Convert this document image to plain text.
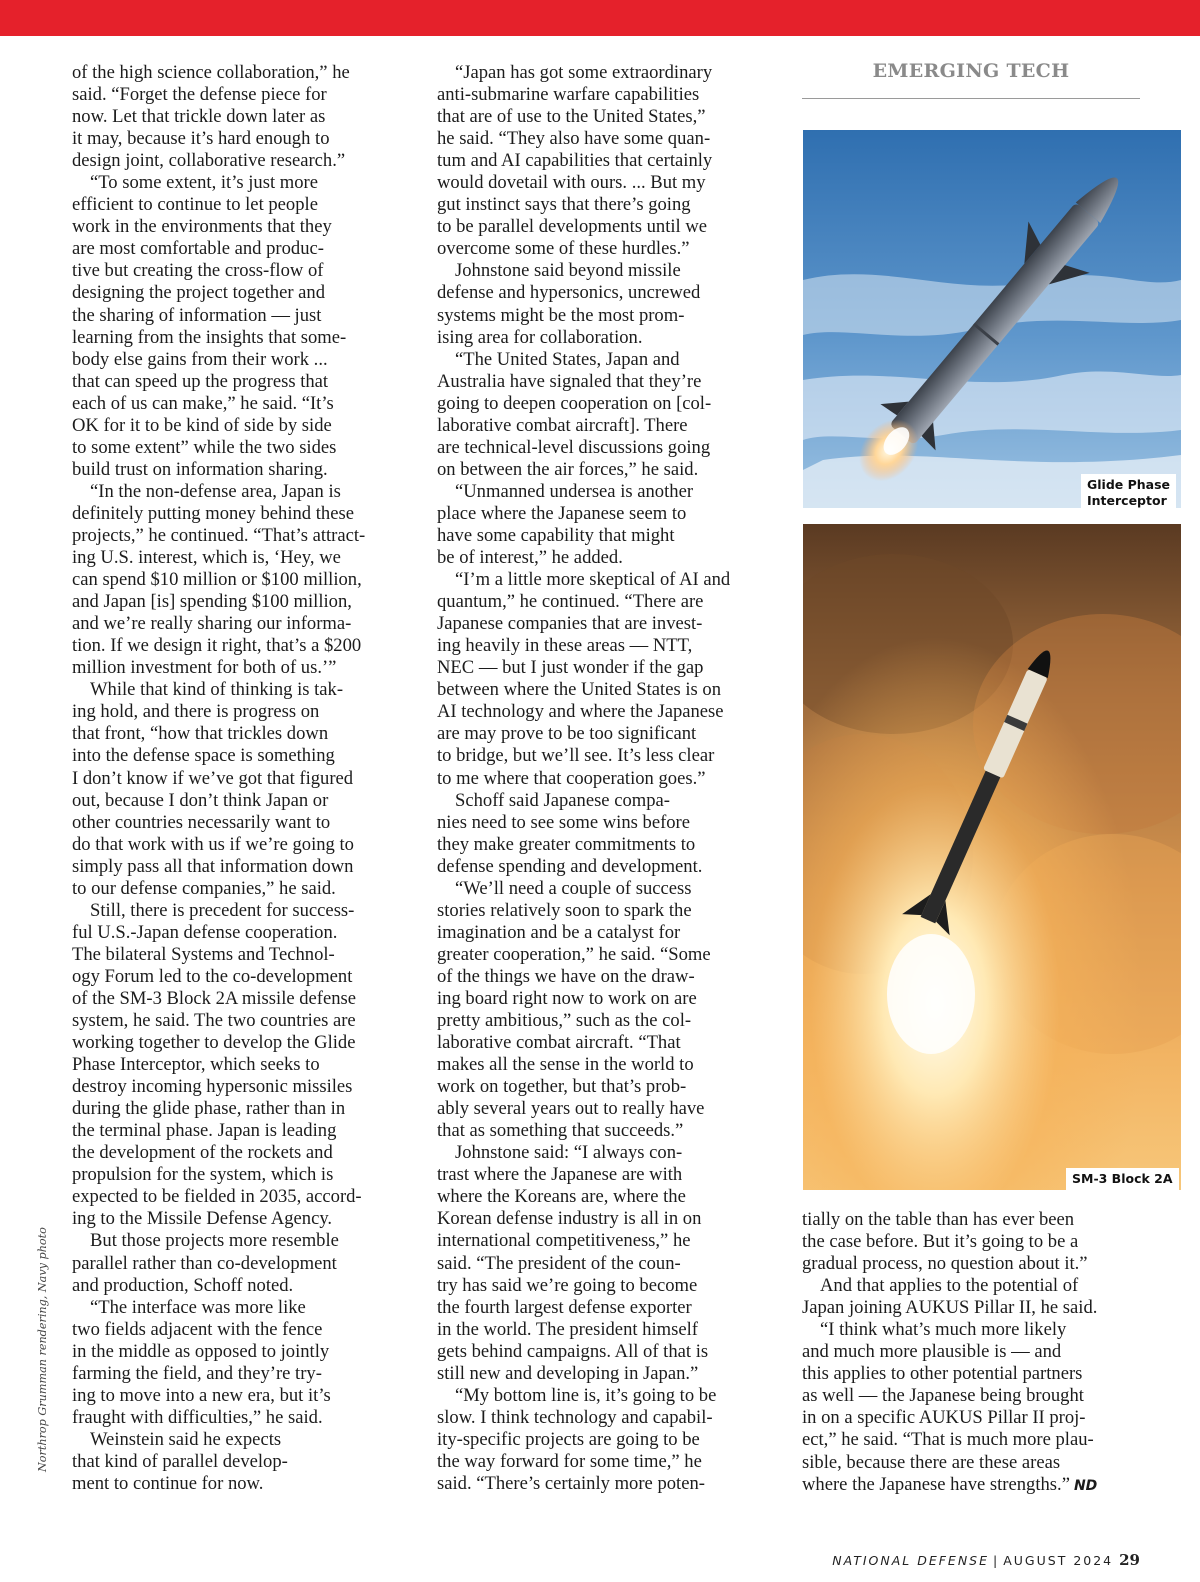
of the high science collaboration,” he
said. “Forget the defense piece for
now. Let that trickle down later as
it may, because it’s hard enough to
design joint, collaborative research.”

“To some extent, it’s just more
efficient to continue to let people
work in the environments that they
are most comfortable and produc-
tive but creating the cross-flow of
designing the project together and
the sharing of information — just
learning from the insights that some-
body else gains from their work ...
that can speed up the progress that
each of us can make,” he said. “It’s
OK for it to be kind of side by side
to some extent” while the two sides
build trust on information sharing.

“In the non-defense area, Japan is
definitely putting money behind these
projects,” he continued. “That’s attract-
ing U.S. interest, which is, ‘Hey, we
can spend $10 million or $100 million,
and Japan [is] spending $100 million,
and we’re really sharing our informa-
tion. If we design it right, that’s a $200
million investment for both of us.’”

While that kind of thinking is tak-
ing hold, and there is progress on
that front, “how that trickles down
into the defense space is something
I don’t know if we’ve got that figured
out, because I don’t think Japan or
other countries necessarily want to
do that work with us if we’re going to
simply pass all that information down
to our defense companies,” he said.

Still, there is precedent for success-
ful U.S.-Japan defense cooperation.
The bilateral Systems and Technol-
ogy Forum led to the co-development
of the SM-3 Block 2A missile defense
system, he said. The two countries are
working together to develop the Glide
Phase Interceptor, which seeks to
destroy incoming hypersonic missiles
during the glide phase, rather than in
the terminal phase. Japan is leading
the development of the rockets and
propulsion for the system, which is
expected to be fielded in 2035, accord-
ing to the Missile Defense Agency.

But those projects more resemble
parallel rather than co-development
and production, Schoff noted.

“The interface was more like
two fields adjacent with the fence
in the middle as opposed to jointly
farming the field, and they’re try-
ing to move into a new era, but it’s
fraught with difficulties,” he said.

Weinstein said he expects
that kind of parallel develop-
ment to continue for now.

“Japan has got some extraordinary
anti-submarine warfare capabilities
that are of use to the United States,”
he said. “They also have some quan-
tum and AI capabilities that certainly
would dovetail with ours. ... But my
gut instinct says that there’s going
to be parallel developments until we
overcome some of these hurdles.”

Johnstone said beyond missile
defense and hypersonics, uncrewed
systems might be the most prom-
ising area for collaboration.

“The United States, Japan and
Australia have signaled that they’re
going to deepen cooperation on [col-
laborative combat aircraft]. There
are technical-level discussions going
on between the air forces,” he said.

“Unmanned undersea is another
place where the Japanese seem to
have some capability that might
be of interest,” he added.

“I’m a little more skeptical of AI and
quantum,” he continued. “There are
Japanese companies that are invest-
ing heavily in these areas — NTT,
NEC — but I just wonder if the gap
between where the United States is on
AI technology and where the Japanese
are may prove to be too significant
to bridge, but we’ll see. It’s less clear
to me where that cooperation goes.”

Schoff said Japanese compa-
nies need to see some wins before
they make greater commitments to
defense spending and development.

“We’ll need a couple of success
stories relatively soon to spark the
imagination and be a catalyst for
greater cooperation,” he said. “Some
of the things we have on the draw-
ing board right now to work on are
pretty ambitious,” such as the col-
laborative combat aircraft. “That
makes all the sense in the world to
work on together, but that’s prob-
ably several years out to really have
that as something that succeeds.”

Johnstone said: “I always con-
trast where the Japanese are with
where the Koreans are, where the
Korean defense industry is all in on
international competitiveness,” he
said. “The president of the coun-
try has said we’re going to become
the fourth largest defense exporter
in the world. The president himself
gets behind campaigns. All of that is
still new and developing in Japan.”

“My bottom line is, it’s going to be
slow. I think technology and capabil-
ity-specific projects are going to be
the way forward for some time,” he
said. “There’s certainly more poten-

EMERGING TECH
Glide Phase
Interceptor
SM-3 Block 2A

tially on the table than has ever been
the case before. But it’s going to be a
gradual process, no question about it.”

And that applies to the potential of
Japan joining AUKUS Pillar II, he said.

“I think what’s much more likely
and much more plausible is — and
this applies to other potential partners
as well — the Japanese being brought
in on a specific AUKUS Pillar II proj-
ect,” he said. “That is much more plau-
sible, because there are these areas
where the Japanese have strengths.” ND

Northrop Grumman rendering, Navy photo
NATIONAL DEFENSE | AUGUST 2024 29
